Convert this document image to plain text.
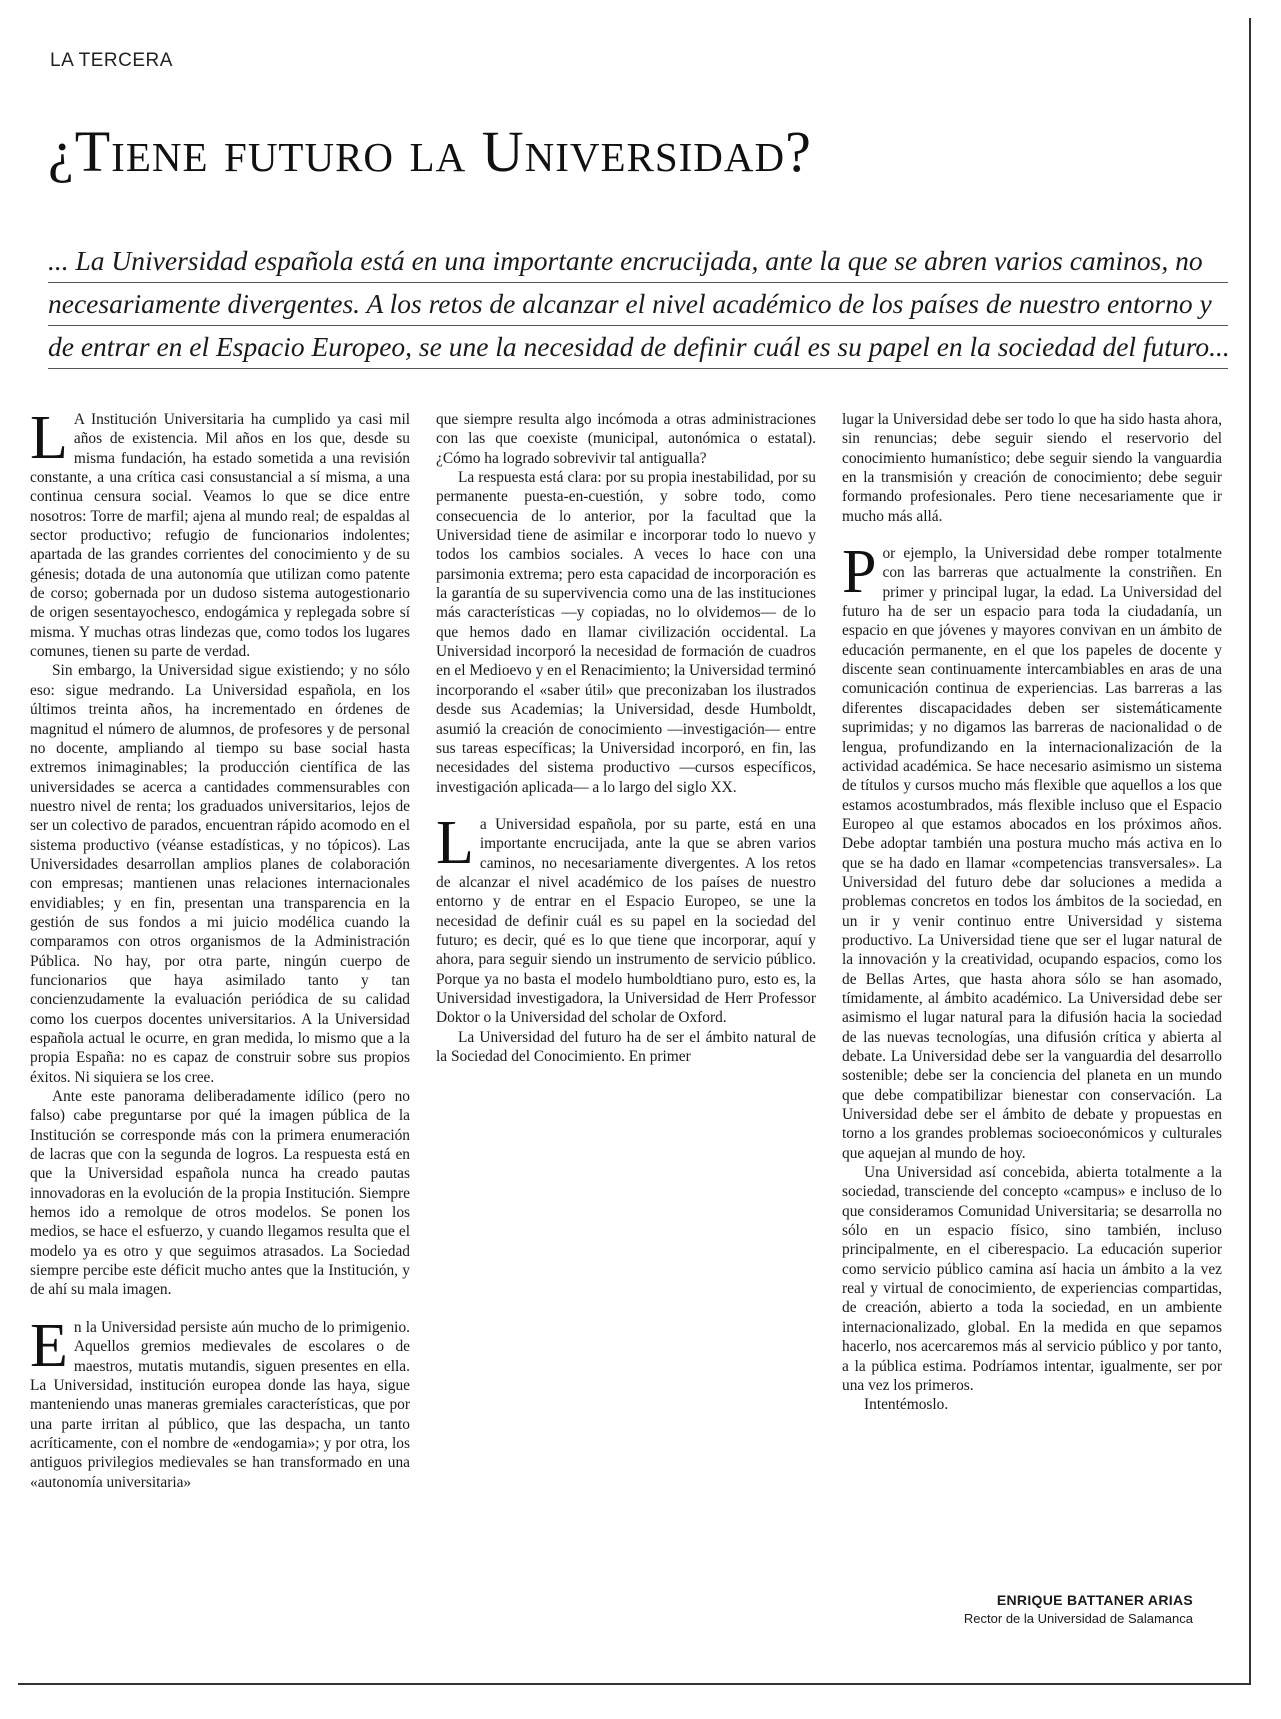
LA TERCERA
¿Tiene futuro la Universidad?
... La Universidad española está en una importante encrucijada, ante la que se abren varios caminos, no
necesariamente divergentes. A los retos de alcanzar el nivel académico de los países de nuestro entorno y
de entrar en el Espacio Europeo, se une la necesidad de definir cuál es su papel en la sociedad del futuro...

L A Institución Universitaria ha cumplido ya casi mil años de existencia. Mil años en los que, desde su misma fundación, ha estado sometida a una revisión constante, a una crítica casi consustancial a sí misma, a una continua censura social. Veamos lo que se dice entre nosotros: Torre de marfil; ajena al mundo real; de espaldas al sector productivo; refugio de funcionarios indolentes; apartada de las grandes corrientes del conocimiento y de su génesis; dotada de una autonomía que utilizan como patente de corso; gobernada por un dudoso sistema autogestionario de origen sesentayochesco, endogámica y replegada sobre sí misma. Y muchas otras lindezas que, como todos los lugares comunes, tienen su parte de verdad.

Sin embargo, la Universidad sigue existiendo; y no sólo eso: sigue medrando. La Universidad española, en los últimos treinta años, ha incrementado en órdenes de magnitud el número de alumnos, de profesores y de personal no docente, ampliando al tiempo su base social hasta extremos inimaginables; la producción científica de las universidades se acerca a cantidades commensurables con nuestro nivel de renta; los graduados universitarios, lejos de ser un colectivo de parados, encuentran rápido acomodo en el sistema productivo (véanse estadísticas, y no tópicos). Las Universidades desarrollan amplios planes de colaboración con empresas; mantienen unas relaciones internacionales envidiables; y en fin, presentan una transparencia en la gestión de sus fondos a mi juicio modélica cuando la comparamos con otros organismos de la Administración Pública. No hay, por otra parte, ningún cuerpo de funcionarios que haya asimilado tanto y tan concienzudamente la evaluación periódica de su calidad como los cuerpos docentes universitarios. A la Universidad española actual le ocurre, en gran medida, lo mismo que a la propia España: no es capaz de construir sobre sus propios éxitos. Ni siquiera se los cree.

Ante este panorama deliberadamente idílico (pero no falso) cabe preguntarse por qué la imagen pública de la Institución se corresponde más con la primera enumeración de lacras que con la segunda de logros. La respuesta está en que la Universidad española nunca ha creado pautas innovadoras en la evolución de la propia Institución. Siempre hemos ido a remolque de otros modelos. Se ponen los medios, se hace el esfuerzo, y cuando llegamos resulta que el modelo ya es otro y que seguimos atrasados. La Sociedad siempre percibe este déficit mucho antes que la Institución, y de ahí su mala imagen.

En la Universidad persiste aún mucho de lo primigenio. Aquellos gremios medievales de escolares o de maestros, mutatis mutandis, siguen presentes en ella. La Universidad, institución europea donde las haya, sigue manteniendo unas maneras gremiales características, que por una parte irritan al público, que las despacha, un tanto acríticamente, con el nombre de «endogamia»; y por otra, los antiguos privilegios medievales se han transformado en una «autonomía universitaria»

que siempre resulta algo incómoda a otras administraciones con las que coexiste (municipal, autonómica o estatal). ¿Cómo ha logrado sobrevivir tal antigualla?

La respuesta está clara: por su propia inestabilidad, por su permanente puesta-en-cuestión, y sobre todo, como consecuencia de lo anterior, por la facultad que la Universidad tiene de asimilar e incorporar todo lo nuevo y todos los cambios sociales. A veces lo hace con una parsimonia extrema; pero esta capacidad de incorporación es la garantía de su supervivencia como una de las instituciones más características —y copiadas, no lo olvidemos— de lo que hemos dado en llamar civilización occidental. La Universidad incorporó la necesidad de formación de cuadros en el Medioevo y en el Renacimiento; la Universidad terminó incorporando el «saber útil» que preconizaban los ilustrados desde sus Academias; la Universidad, desde Humboldt, asumió la creación de conocimiento —investigación— entre sus tareas específicas; la Universidad incorporó, en fin, las necesidades del sistema productivo —cursos específicos, investigación aplicada— a lo largo del siglo XX.

La Universidad española, por su parte, está en una importante encrucijada, ante la que se abren varios caminos, no necesariamente divergentes. A los retos de alcanzar el nivel académico de los países de nuestro entorno y de entrar en el Espacio Europeo, se une la necesidad de definir cuál es su papel en la sociedad del futuro; es decir, qué es lo que tiene que incorporar, aquí y ahora, para seguir siendo un instrumento de servicio público. Porque ya no basta el modelo humboldtiano puro, esto es, la Universidad investigadora, la Universidad de Herr Professor Doktor o la Universidad del scholar de Oxford.

La Universidad del futuro ha de ser el ámbito natural de la Sociedad del Conocimiento. En primer

lugar la Universidad debe ser todo lo que ha sido hasta ahora, sin renuncias; debe seguir siendo el reservorio del conocimiento humanístico; debe seguir siendo la vanguardia en la transmisión y creación de conocimiento; debe seguir formando profesionales. Pero tiene necesariamente que ir mucho más allá.

Por ejemplo, la Universidad debe romper totalmente con las barreras que actualmente la constriñen. En primer y principal lugar, la edad. La Universidad del futuro ha de ser un espacio para toda la ciudadanía, un espacio en que jóvenes y mayores convivan en un ámbito de educación permanente, en el que los papeles de docente y discente sean continuamente intercambiables en aras de una comunicación continua de experiencias. Las barreras a las diferentes discapacidades deben ser sistemáticamente suprimidas; y no digamos las barreras de nacionalidad o de lengua, profundizando en la internacionalización de la actividad académica. Se hace necesario asimismo un sistema de títulos y cursos mucho más flexible que aquellos a los que estamos acostumbrados, más flexible incluso que el Espacio Europeo al que estamos abocados en los próximos años. Debe adoptar también una postura mucho más activa en lo que se ha dado en llamar «competencias transversales». La Universidad del futuro debe dar soluciones a medida a problemas concretos en todos los ámbitos de la sociedad, en un ir y venir continuo entre Universidad y sistema productivo. La Universidad tiene que ser el lugar natural de la innovación y la creatividad, ocupando espacios, como los de Bellas Artes, que hasta ahora sólo se han asomado, tímidamente, al ámbito académico. La Universidad debe ser asimismo el lugar natural para la difusión hacia la sociedad de las nuevas tecnologías, una difusión crítica y abierta al debate. La Universidad debe ser la vanguardia del desarrollo sostenible; debe ser la conciencia del planeta en un mundo que debe compatibilizar bienestar con conservación. La Universidad debe ser el ámbito de debate y propuestas en torno a los grandes problemas socioeconómicos y culturales que aquejan al mundo de hoy.

Una Universidad así concebida, abierta totalmente a la sociedad, transciende del concepto «campus» e incluso de lo que consideramos Comunidad Universitaria; se desarrolla no sólo en un espacio físico, sino también, incluso principalmente, en el ciberespacio. La educación superior como servicio público camina así hacia un ámbito a la vez real y virtual de conocimiento, de experiencias compartidas, de creación, abierto a toda la sociedad, en un ambiente internacionalizado, global. En la medida en que sepamos hacerlo, nos acercaremos más al servicio público y por tanto, a la pública estima. Podríamos intentar, igualmente, ser por una vez los primeros.

Intentémoslo.

ENRIQUE BATTANER ARIAS
Rector de la Universidad de Salamanca
